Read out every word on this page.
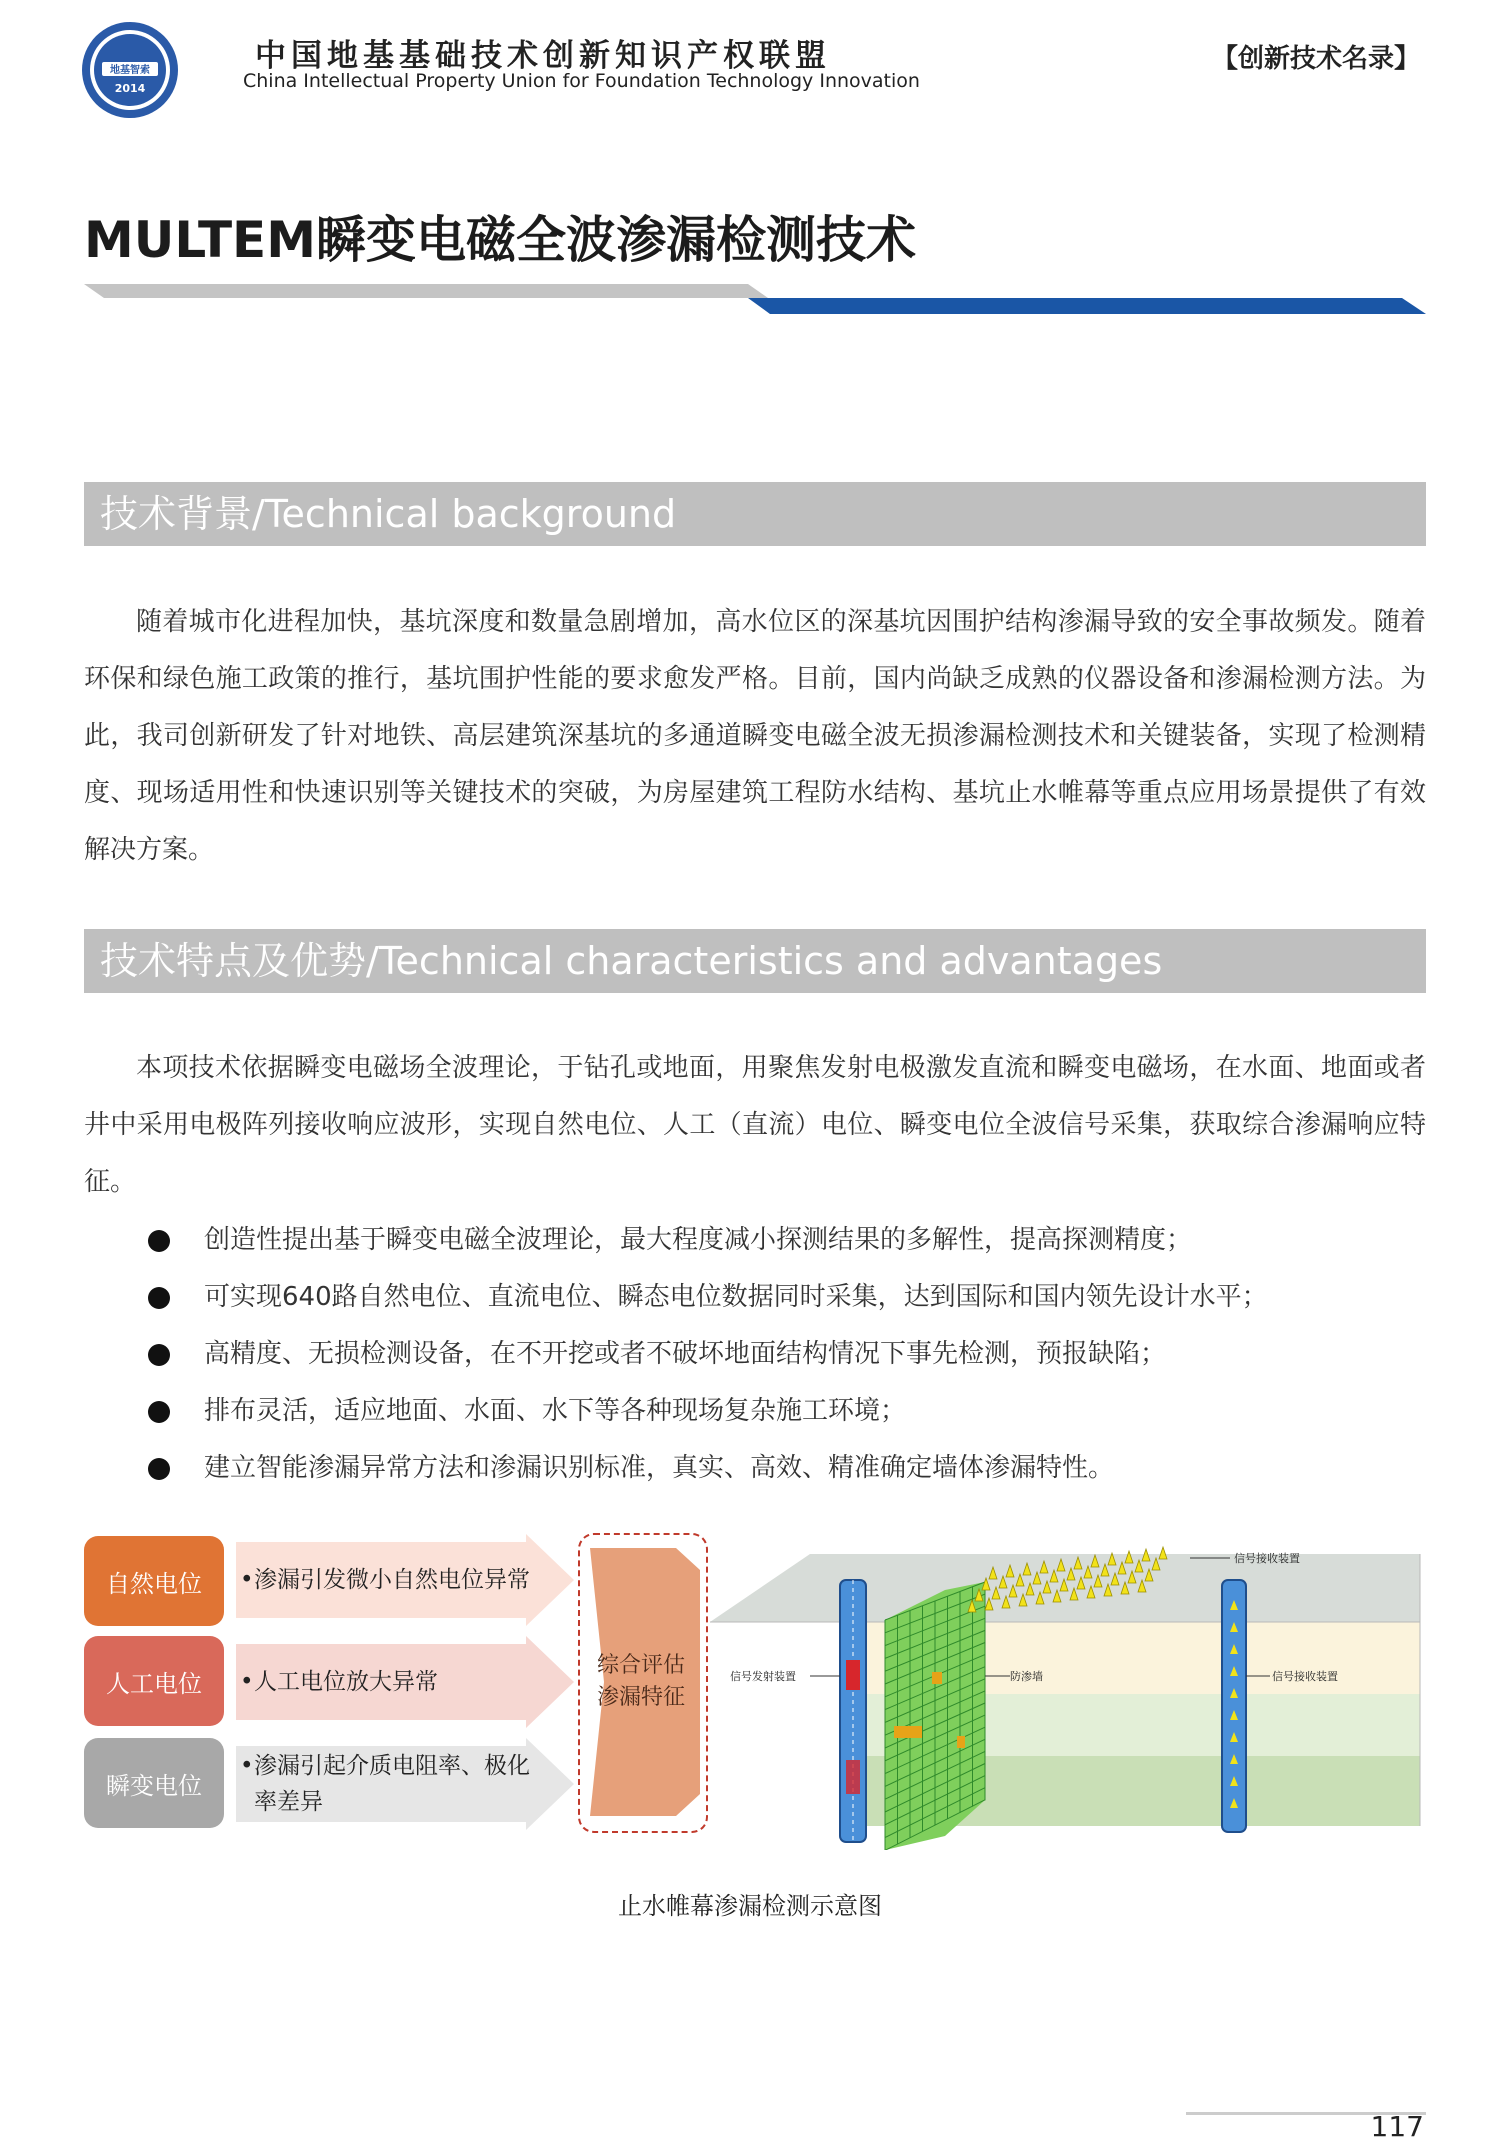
地基智索
2014
中国地基基础技术创新知识产权联盟
China Intellectual Property Union for Foundation Technology Innovation
【创新技术名录】
MULTEM瞬变电磁全波渗漏检测技术
技术背景/Technical background

随着城市化进程加快，基坑深度和数量急剧增加，高水位区的深基坑因围护结构渗漏导致的安全事故频发。随着环保和绿色施工政策的推行，基坑围护性能的要求愈发严格。目前，国内尚缺乏成熟的仪器设备和渗漏检测方法。为此，我司创新研发了针对地铁、高层建筑深基坑的多通道瞬变电磁全波无损渗漏检测技术和关键装备，实现了检测精度、现场适用性和快速识别等关键技术的突破，为房屋建筑工程防水结构、基坑止水帷幕等重点应用场景提供了有效解决方案。

技术特点及优势/Technical characteristics and advantages

本项技术依据瞬变电磁场全波理论，于钻孔或地面，用聚焦发射电极激发直流和瞬变电磁场，在水面、地面或者井中采用电极阵列接收响应波形，实现自然电位、人工（直流）电位、瞬变电位全波信号采集，获取综合渗漏响应特征。

创造性提出基于瞬变电磁全波理论，最大程度减小探测结果的多解性，提高探测精度；
可实现640路自然电位、直流电位、瞬态电位数据同时采集，达到国际和国内领先设计水平；
高精度、无损检测设备，在不开挖或者不破坏地面结构情况下事先检测，预报缺陷；
排布灵活，适应地面、水面、水下等各种现场复杂施工环境；
建立智能渗漏异常方法和渗漏识别标准，真实、高效、精准确定墙体渗漏特性。
自然电位
人工电位
瞬变电位
•渗漏引发微小自然电位异常
•人工电位放大异常
•渗漏引起介质电阻率、极化
率差异
综合评估
渗漏特征
信号发射装置	防渗墙	信号接收装置
信号接收装置
止水帷幕渗漏检测示意图
117
